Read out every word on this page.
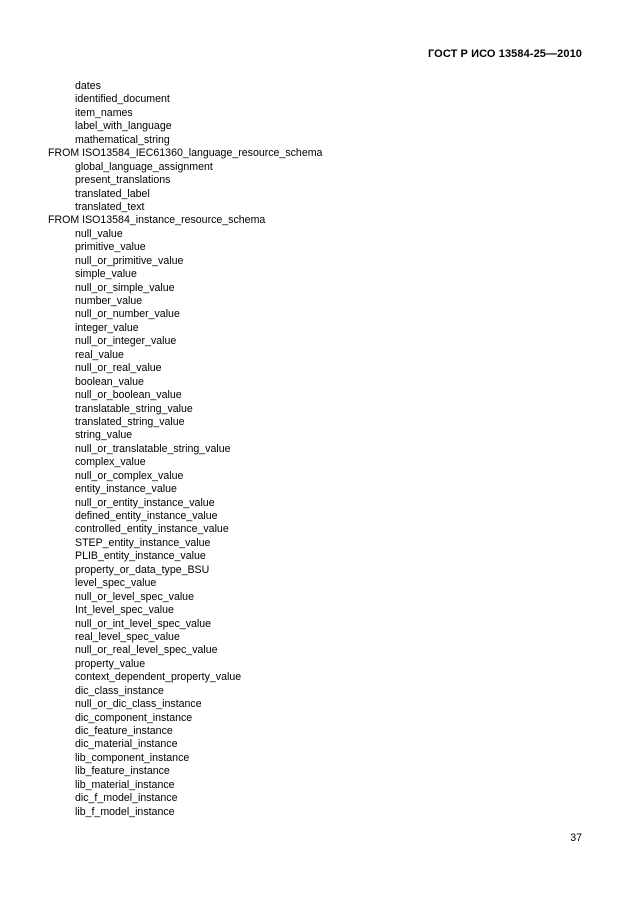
ГОСТ Р ИСО 13584-25—2010
dates
identified_document
item_names
label_with_language
mathematical_string
FROM ISO13584_IEC61360_language_resource_schema
global_language_assignment
present_translations
translated_label
translated_text
FROM ISO13584_instance_resource_schema
null_value
primitive_value
null_or_primitive_value
simple_value
null_or_simple_value
number_value
null_or_number_value
integer_value
null_or_integer_value
real_value
null_or_real_value
boolean_value
null_or_boolean_value
translatable_string_value
translated_string_value
string_value
null_or_translatable_string_value
complex_value
null_or_complex_value
entity_instance_value
null_or_entity_instance_value
defined_entity_instance_value
controlled_entity_instance_value
STEP_entity_instance_value
PLIB_entity_instance_value
property_or_data_type_BSU
level_spec_value
null_or_level_spec_value
Int_level_spec_value
null_or_int_level_spec_value
real_level_spec_value
null_or_real_level_spec_value
property_value
context_dependent_property_value
dic_class_instance
null_or_dic_class_instance
dic_component_instance
dic_feature_instance
dic_material_instance
lib_component_instance
lib_feature_instance
lib_material_instance
dic_f_model_instance
lib_f_model_instance
37
